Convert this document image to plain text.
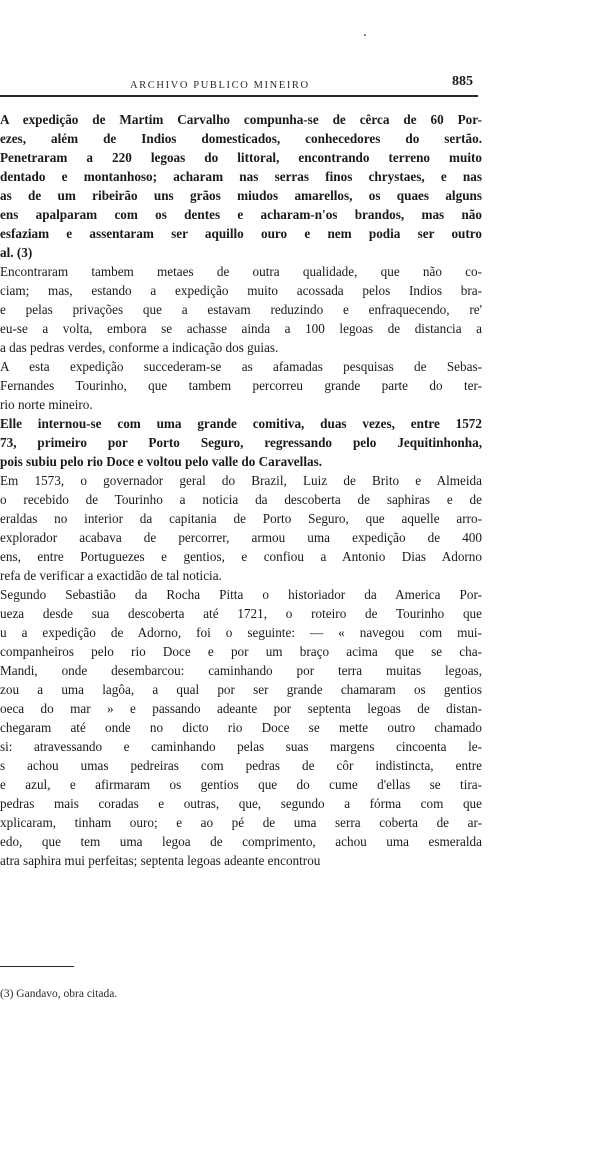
ARCHIVO PUBLICO MINEIRO	885
A expedição de Martim Carvalho compunha-se de cêrca de 60 Por-
ezes, além de Indios domesticados, conhecedores do sertão.
Penetraram a 220 legoas do littoral, encontrando terreno muito
dentado e montanhoso; acharam nas serras finos chrystaes, e nas
as de um ribeirão uns grãos miudos amarellos, os quaes alguns
ens apalparam com os dentes e acharam-n'os brandos, mas não
esfaziam e assentaram ser aquillo ouro e nem podia ser outro
al. (3)
Encontraram tambem metaes de outra qualidade, que não co-
ciam; mas, estando a expedição muito acossada pelos Indios bra-
e pelas privações que a estavam reduzindo e enfraquecendo, re'
eu-se a volta, embora se achasse ainda a 100 legoas de distancia a
a das pedras verdes, conforme a indicação dos guias.
A esta expedição succederam-se as afamadas pesquisas de Sebas-
Fernandes Tourinho, que tambem percorreu grande parte do ter-
rio norte mineiro.
Elle internou-se com uma grande comitiva, duas vezes, entre 1572
73, primeiro por Porto Seguro, regressando pelo Jequitinhonha,
pois subiu pelo rio Doce e voltou pelo valle do Caravellas.
Em 1573, o governador geral do Brazil, Luiz de Brito e Almeida
o recebido de Tourinho a noticia da descoberta de saphiras e de
eraldas no interior da capitania de Porto Seguro, que aquelle arro-
explorador acabava de percorrer, armou uma expedição de 400
ens, entre Portuguezes e gentios, e confiou a Antonio Dias Adorno
refa de verificar a exactidão de tal noticia.
Segundo Sebastião da Rocha Pitta o historiador da America Por-
ueza desde sua descoberta até 1721, o roteiro de Tourinho que
u a expedição de Adorno, foi o seguinte: — « navegou com mui-
companheiros pelo rio Doce e por um braço acima que se cha-
Mandi, onde desembarcou: caminhando por terra muitas legoas,
zou a uma lagôa, a qual por ser grande chamaram os gentios
oeca do mar » e passando adeante por septenta legoas de distan-
chegaram até onde no dicto rio Doce se mette outro chamado
si: atravessando e caminhando pelas suas margens cincoenta le-
s achou umas pedreiras com pedras de côr indistincta, entre
e azul, e afirmaram os gentios que do cume d'ellas se tira-
pedras mais coradas e outras, que, segundo a fórma com que
xplicaram, tinham ouro; e ao pé de uma serra coberta de ar-
edo, que tem uma legoa de comprimento, achou uma esmeralda
atra saphira mui perfeitas; septenta legoas adeante encontrou
(3) Gandavo, obra citada.
